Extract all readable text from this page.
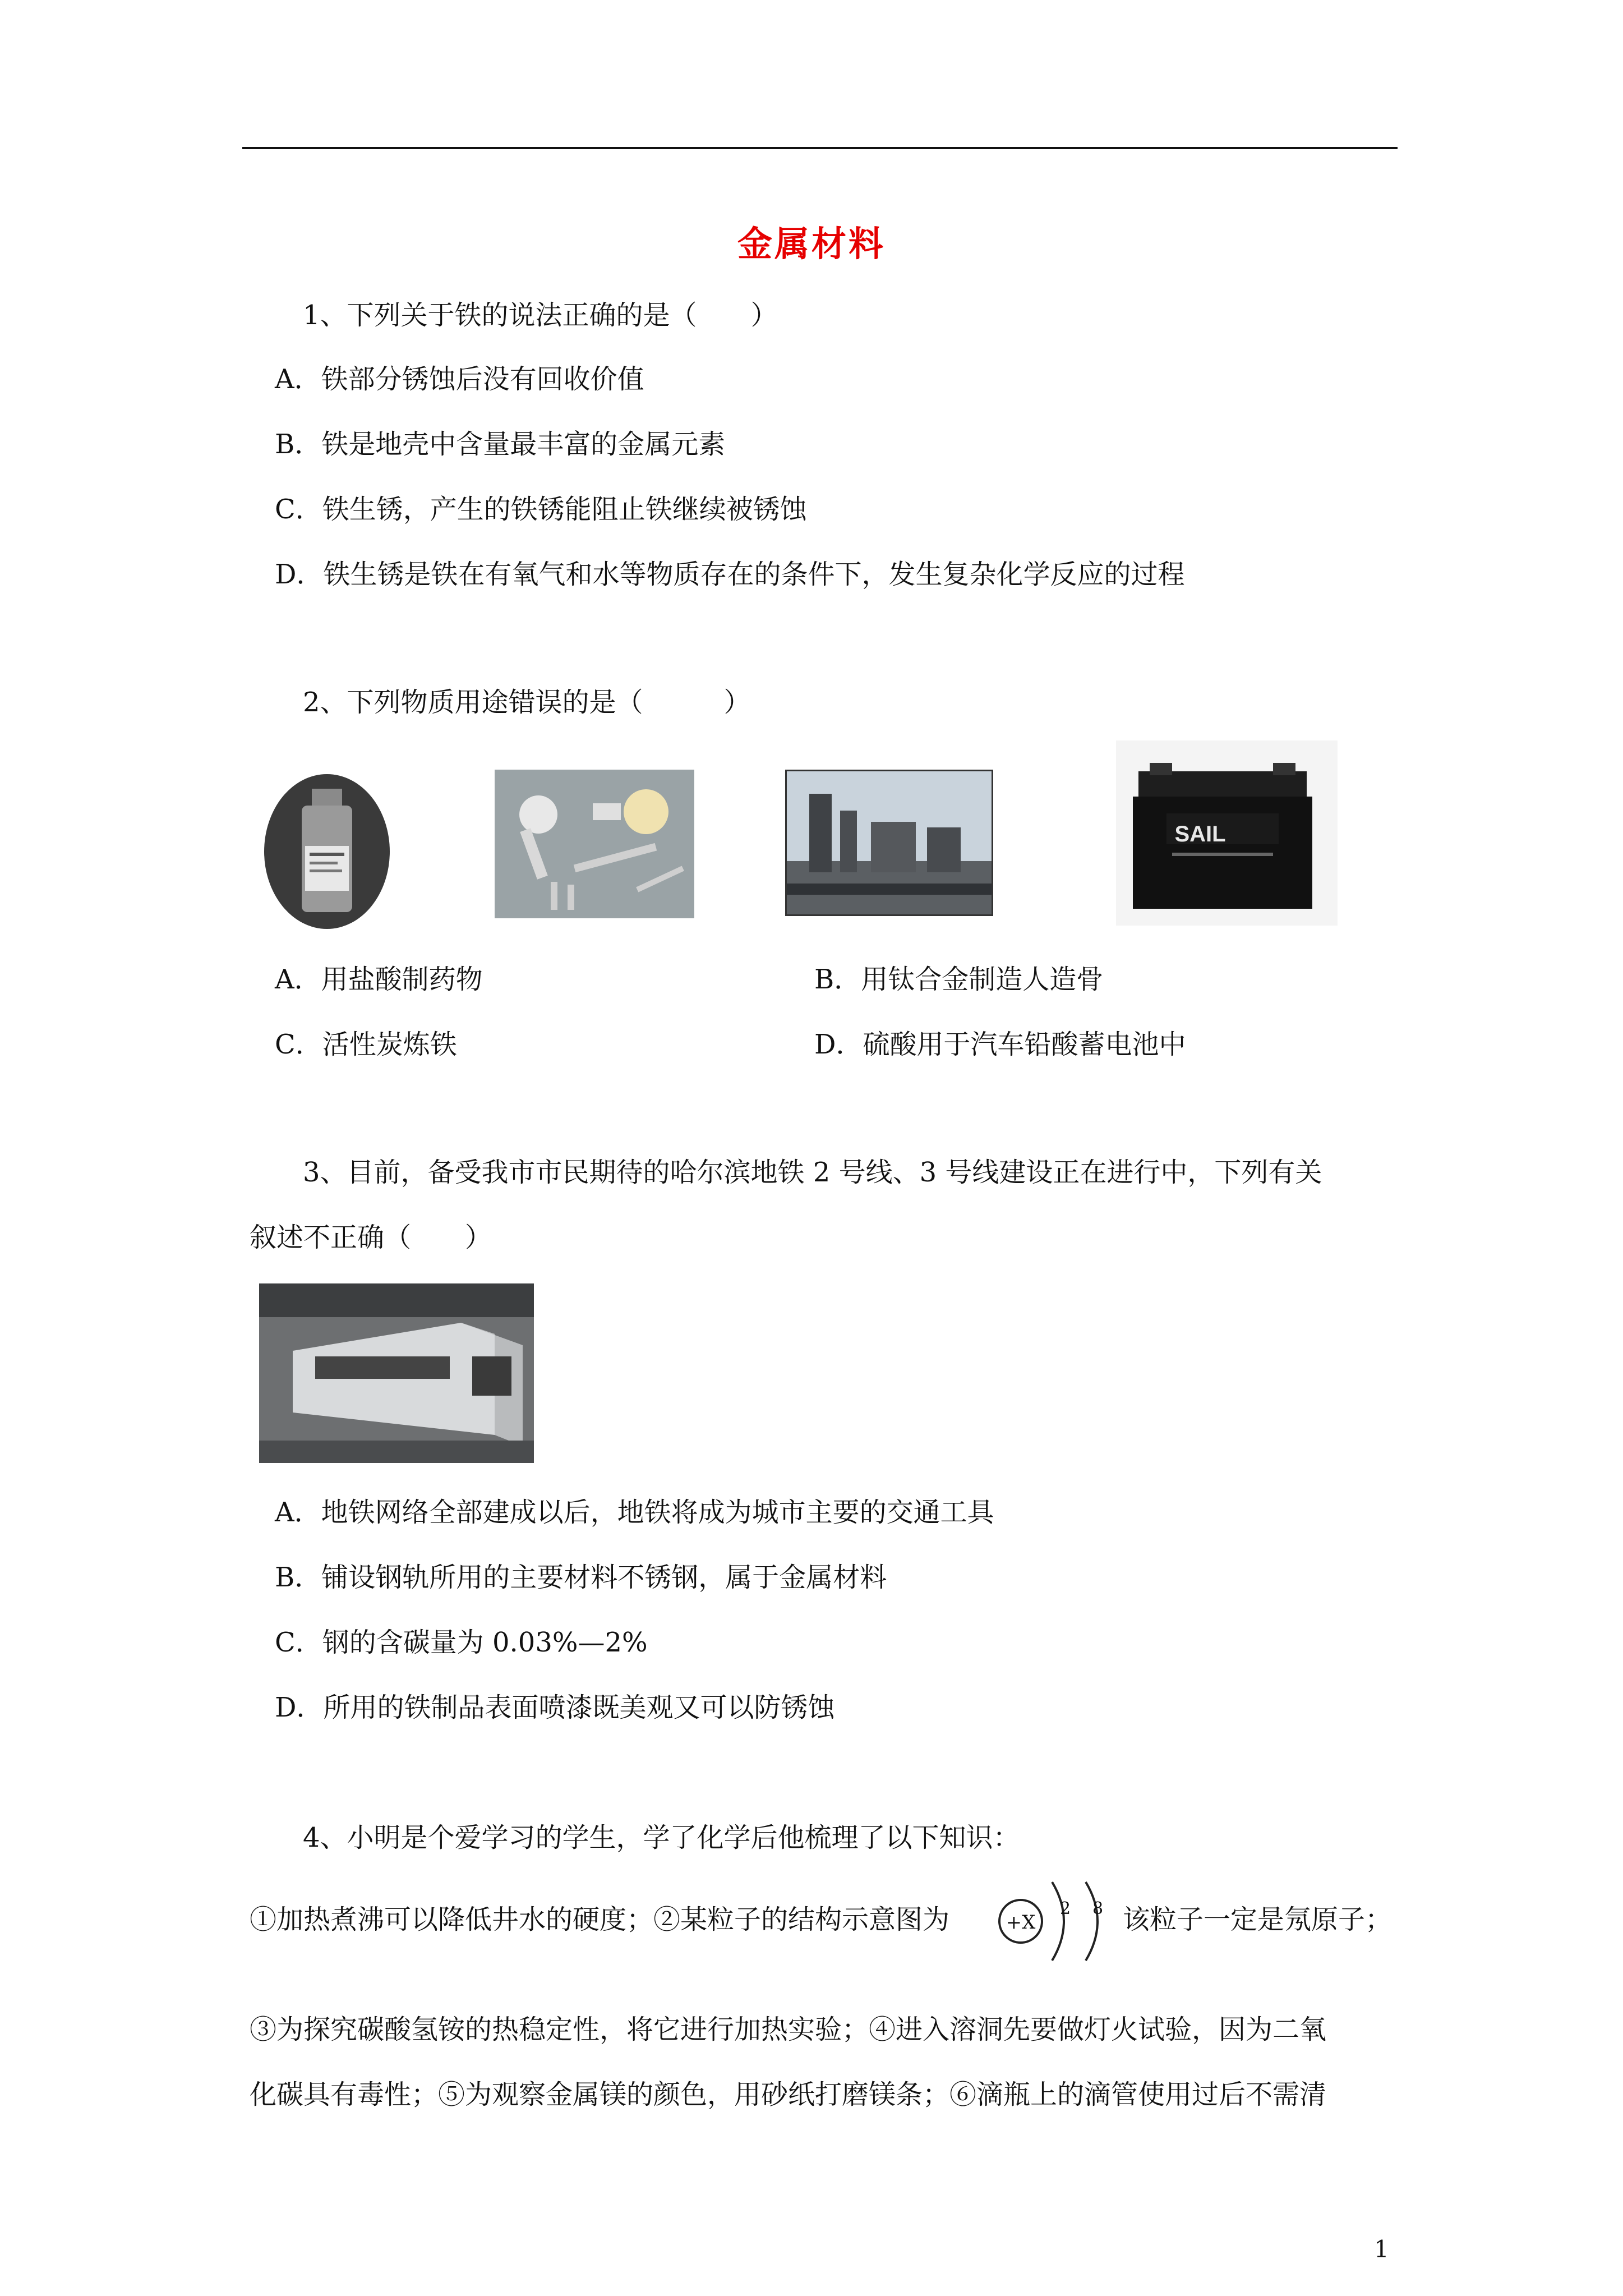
金属材料
1、下列关于铁的说法正确的是（　　）
A．铁部分锈蚀后没有回收价值
B．铁是地壳中含量最丰富的金属元素
C．铁生锈，产生的铁锈能阻止铁继续被锈蚀
D．铁生锈是铁在有氧气和水等物质存在的条件下，发生复杂化学反应的过程
2、下列物质用途错误的是（　　　）
SAIL
A．用盐酸制药物	B．用钛合金制造人造骨
C．活性炭炼铁	D．硫酸用于汽车铅酸蓄电池中
3、目前，备受我市市民期待的哈尔滨地铁 2 号线、3 号线建设正在进行中，下列有关
叙述不正确（　　）
A．地铁网络全部建成以后，地铁将成为城市主要的交通工具
B．铺设钢轨所用的主要材料不锈钢，属于金属材料
C．钢的含碳量为 0.03%—2%
D．所用的铁制品表面喷漆既美观又可以防锈蚀
4、小明是个爱学习的学生，学了化学后他梳理了以下知识：
①加热煮沸可以降低井水的硬度；②某粒子的结构示意图为	+X
2 8 该粒子一定是氖原子；
③为探究碳酸氢铵的热稳定性，将它进行加热实验；④进入溶洞先要做灯火试验，因为二氧
化碳具有毒性；⑤为观察金属镁的颜色，用砂纸打磨镁条；⑥滴瓶上的滴管使用过后不需清
1
